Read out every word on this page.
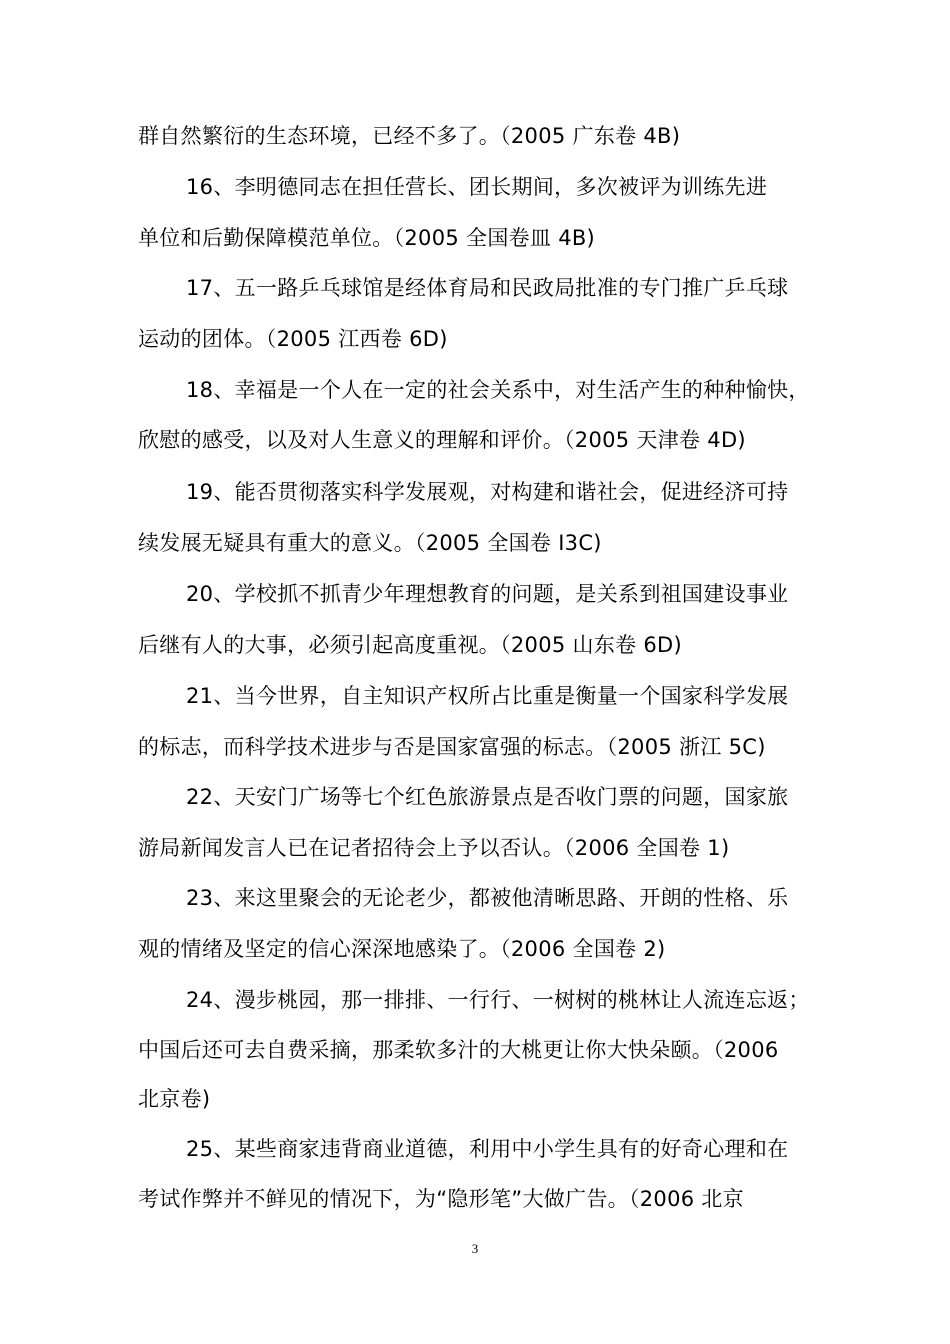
群自然繁衍的生态环境，已经不多了。（2005 广东卷 4B)
16、李明德同志在担任营长、团长期间，多次被评为训练先进
单位和后勤保障模范单位。（2005 全国卷皿 4B)
17、五一路乒乓球馆是经体育局和民政局批准的专门推广乒乓球
运动的团体。（2005 江西卷 6D)
18、幸福是一个人在一定的社会关系中，对生活产生的种种愉快，
欣慰的感受，以及对人生意义的理解和评价。（2005 天津卷 4D)
19、能否贯彻落实科学发展观，对构建和谐社会，促进经济可持
续发展无疑具有重大的意义。（2005 全国卷 I3C)
20、学校抓不抓青少年理想教育的问题，是关系到祖国建设事业
后继有人的大事，必须引起高度重视。（2005 山东卷 6D)
21、当今世界，自主知识产权所占比重是衡量一个国家科学发展
的标志，而科学技术进步与否是国家富强的标志。（2005 浙江 5C)
22、天安门广场等七个红色旅游景点是否收门票的问题，国家旅
游局新闻发言人已在记者招待会上予以否认。（2006 全国卷 1)
23、来这里聚会的无论老少，都被他清晰思路、开朗的性格、乐
观的情绪及坚定的信心深深地感染了。（2006 全国卷 2)
24、漫步桃园，那一排排、一行行、一树树的桃林让人流连忘返；
中国后还可去自费采摘，那柔软多汁的大桃更让你大快朵颐。（2006
北京卷)
25、某些商家违背商业道德，利用中小学生具有的好奇心理和在
考试作弊并不鲜见的情况下，为“隐形笔”大做广告。（2006 北京
3
